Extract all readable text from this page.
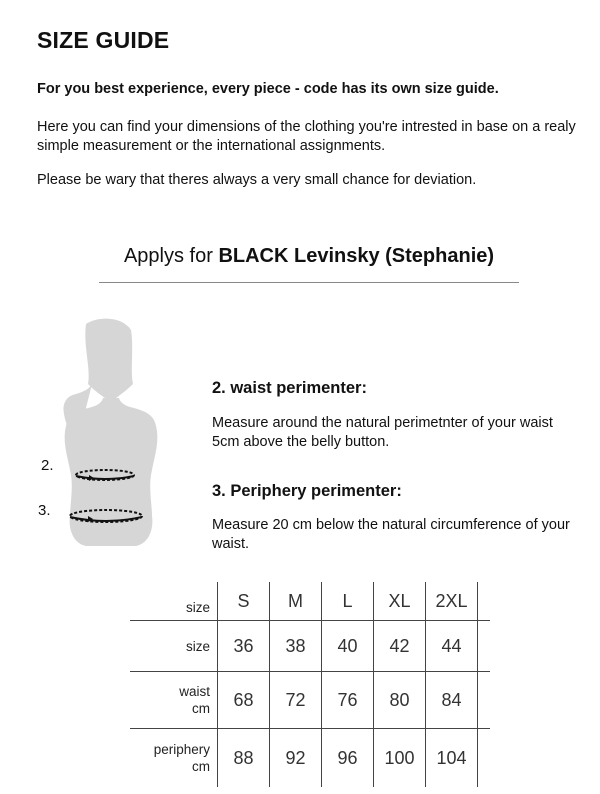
SIZE GUIDE
For you best experience, every piece - code has its own size guide.
Here you can find your dimensions of the clothing you're intrested in base on a realy simple measurement or the international assignments.
Please be wary that theres always a very small chance for deviation.
Applys for BLACK Levinsky (Stephanie)
2.
3.
2. waist perimenter:
Measure around the natural perimetnter of your waist 5cm above the belly button.
3. Periphery perimenter:
Measure 20 cm below the natural circumference of your waist.
size	S	M	L	XL	2XL	
size	36	38	40	42	44	
waist
cm	68	72	76	80	84	
periphery
cm	88	92	96	100	104	
